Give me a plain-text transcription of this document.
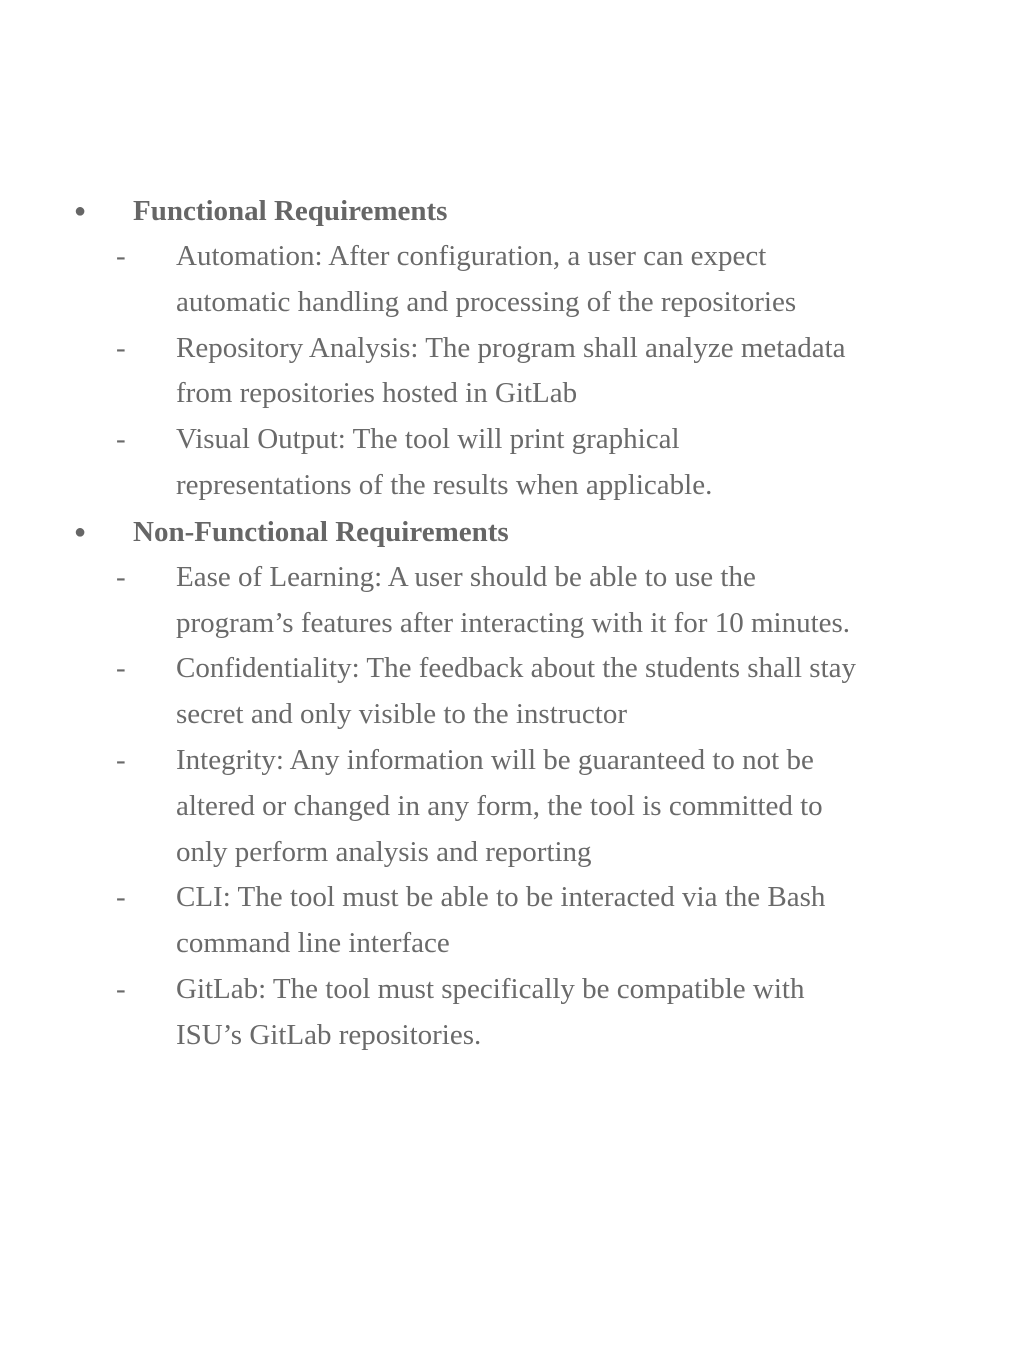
● Functional Requirements
- Automation: After configuration, a user can expect
automatic handling and processing of the repositories
- Repository Analysis: The program shall analyze metadata
from repositories hosted in GitLab
- Visual Output: The tool will print graphical
representations of the results when applicable.
● Non-Functional Requirements
- Ease of Learning: A user should be able to use the
program’s features after interacting with it for 10 minutes.
- Confidentiality: The feedback about the students shall stay
secret and only visible to the instructor
- Integrity: Any information will be guaranteed to not be
altered or changed in any form, the tool is committed to
only perform analysis and reporting
- CLI: The tool must be able to be interacted via the Bash
command line interface
- GitLab: The tool must specifically be compatible with
ISU’s GitLab repositories.
